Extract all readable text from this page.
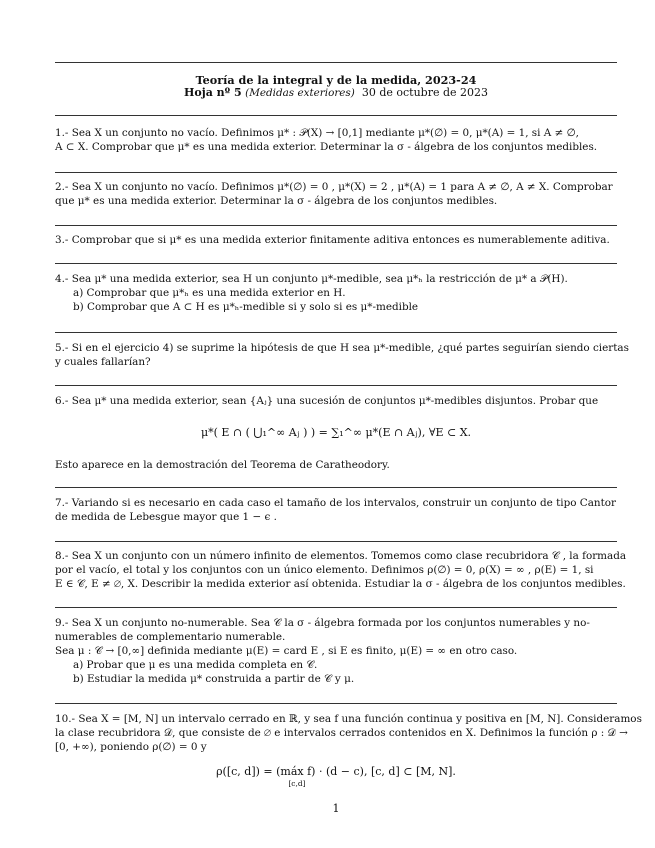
Teoría de la integral y de la medida, 2023-24
Hoja nº 5 (Medidas exteriores) 30 de octubre de 2023
1.- Sea X un conjunto no vacío. Definimos μ* : 𝒫(X) → [0,1] mediante μ*(∅) = 0, μ*(A) = 1, si A ≠ ∅,
A ⊂ X. Comprobar que μ* es una medida exterior. Determinar la σ - álgebra de los conjuntos medibles.
2.- Sea X un conjunto no vacío. Definimos μ*(∅) = 0 , μ*(X) = 2 , μ*(A) = 1 para A ≠ ∅, A ≠ X. Comprobar
que μ* es una medida exterior. Determinar la σ - álgebra de los conjuntos medibles.
3.- Comprobar que si μ* es una medida exterior finitamente aditiva entonces es numerablemente aditiva.
4.- Sea μ* una medida exterior, sea H un conjunto μ*-medible, sea μ*ₕ la restricción de μ* a 𝒫(H).
a) Comprobar que μ*ₕ es una medida exterior en H.
b) Comprobar que A ⊂ H es μ*ₕ-medible si y solo si es μ*-medible
5.- Si en el ejercicio 4) se suprime la hipótesis de que H sea μ*-medible, ¿qué partes seguirían siendo ciertas
y cuales fallarían?
6.- Sea μ* una medida exterior, sean {Aⱼ} una sucesión de conjuntos μ*-medibles disjuntos. Probar que
μ*( E ∩ ( ⋃₁^∞ Aⱼ ) ) = ∑₁^∞ μ*(E ∩ Aⱼ), ∀E ⊂ X.
Esto aparece en la demostración del Teorema de Caratheodory.
7.- Variando si es necesario en cada caso el tamaño de los intervalos, construir un conjunto de tipo Cantor
de medida de Lebesgue mayor que 1 − ϵ .
8.- Sea X un conjunto con un número infinito de elementos. Tomemos como clase recubridora 𝒞 , la formada
por el vacío, el total y los conjuntos con un único elemento. Definimos ρ(∅) = 0, ρ(X) = ∞ , ρ(E) = 1, si
E ∈ 𝒞, E ≠ ∅, X. Describir la medida exterior así obtenida. Estudiar la σ - álgebra de los conjuntos medibles.
9.- Sea X un conjunto no-numerable. Sea 𝒞 la σ - álgebra formada por los conjuntos numerables y no-
numerables de complementario numerable.
Sea μ : 𝒞 → [0,∞] definida mediante μ(E) = card E , si E es finito, μ(E) = ∞ en otro caso.
a) Probar que μ es una medida completa en 𝒞.
b) Estudiar la medida μ* construida a partir de 𝒞 y μ.
10.- Sea X = [M, N] un intervalo cerrado en ℝ, y sea f una función continua y positiva en [M, N]. Consideramos
la clase recubridora 𝒟, que consiste de ∅ e intervalos cerrados contenidos en X. Definimos la función ρ : 𝒟 →
[0, +∞), poniendo ρ(∅) = 0 y
ρ([c, d]) = (máx f) · (d − c), [c, d] ⊂ [M, N].
[c,d]
1
